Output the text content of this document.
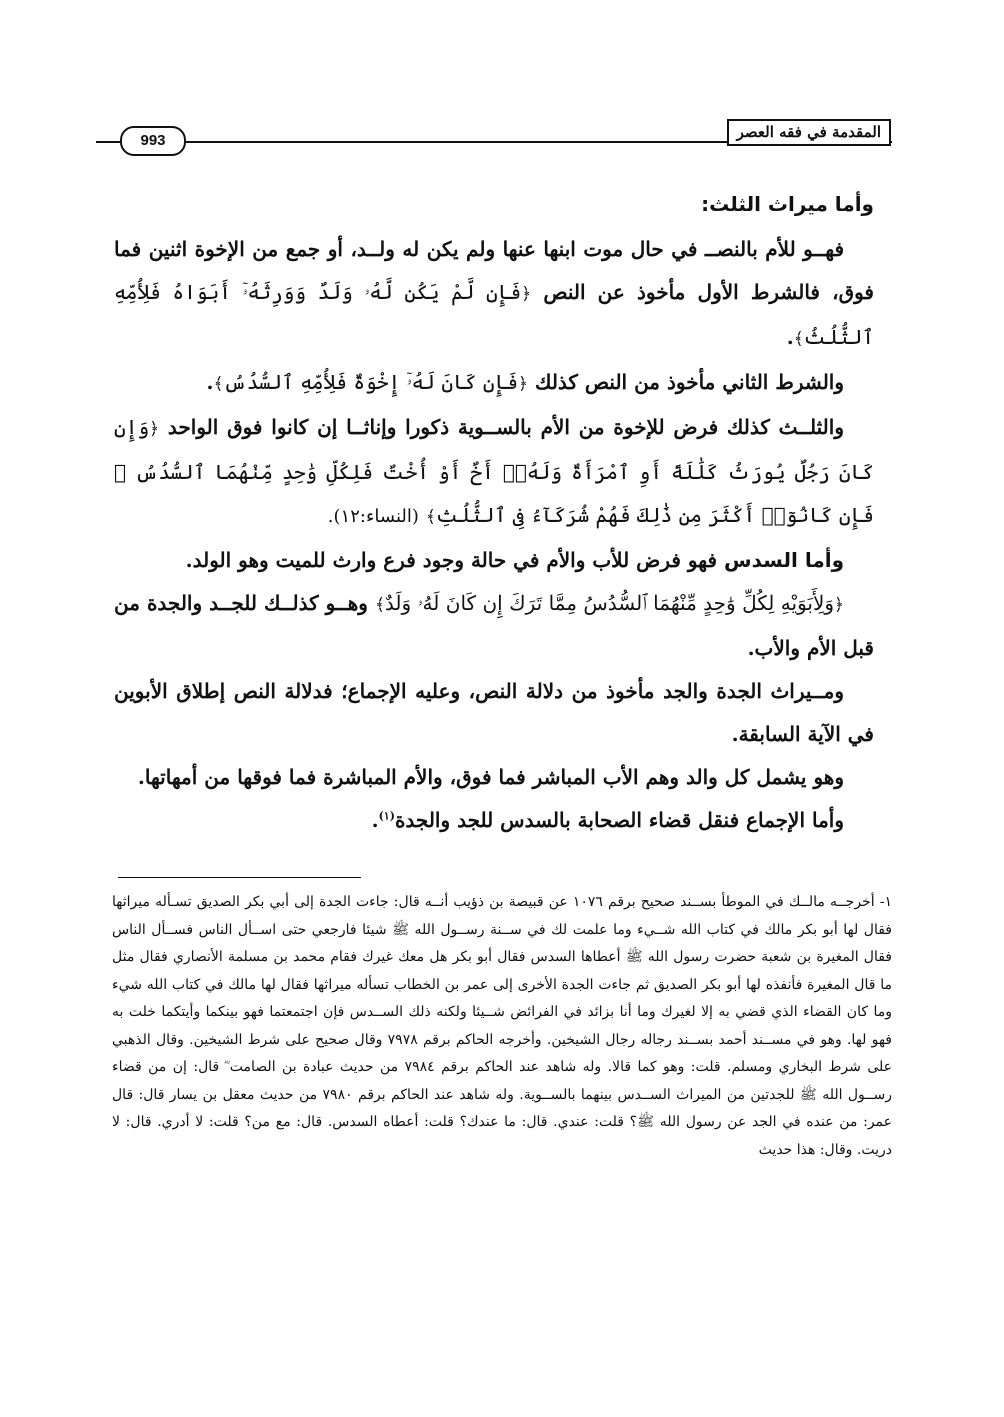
المقدمة في فقه العصر
993
وأما ميراث الثلث:

فهــو للأم بالنصــ في حال موت ابنها عنها ولم يكن له ولــد، أو جمع من الإخوة اثنين فما فوق، فالشرط الأول مأخوذ عن النص ﴿فَإِن لَّمْ يَكُن لَّهُۥ وَلَدٌ وَوَرِثَهُۥٓ أَبَوَاهُ فَلِأُمِّهِ ٱلثُّلُثُ﴾.

والشرط الثاني مأخوذ من النص كذلك ﴿فَإِن كَانَ لَهُۥٓ إِخْوَةٌ فَلِأُمِّهِ ٱلسُّدُسُ﴾.

والثلــث كذلك فرض للإخوة من الأم بالســوية ذكورا وإناثــا إن كانوا فوق الواحد ﴿وَإِن كَانَ رَجُلٌ يُورَثُ كَلَٰلَةً أَوِ ٱمْرَأَةٌ وَلَهُۥٓ أَخٌ أَوْ أُخْتٌ فَلِكُلِّ وَٰحِدٍ مِّنْهُمَا ٱلسُّدُسُ ۚ فَإِن كَانُوٓا۟ أَكْثَرَ مِن ذَٰلِكَ فَهُمْ شُرَكَآءُ فِى ٱلثُّلُثِ﴾ (النساء:١٢).

وأما السدس فهو فرض للأب والأم في حالة وجود فرع وارث للميت وهو الولد.

﴿وَلِأَبَوَيْهِ لِكُلِّ وَٰحِدٍ مِّنْهُمَا ٱلسُّدُسُ مِمَّا تَرَكَ إِن كَانَ لَهُۥ وَلَدٌ﴾ وهــو كذلــك للجــد والجدة من قبل الأم والأب.

ومــيراث الجدة والجد مأخوذ من دلالة النص، وعليه الإجماع؛ فدلالة النص إطلاق الأبوين في الآية السابقة.

وهو يشمل كل والد وهم الأب المباشر فما فوق، والأم المباشرة فما فوقها من أمهاتها.

وأما الإجماع فنقل قضاء الصحابة بالسدس للجد والجدة$^{(١)}$.

١- أخرجــه مالــك في الموطأ بســند صحيح برقم ١٠٧٦ عن قبيصة بن ذؤيب أنــه قال: جاءت الجدة إلى أبي بكر الصديق تسـأله ميراثها فقال لها أبو بكر مالك في كتاب الله شــيء وما علمت لك في ســنة رســول الله ﷺ شيئا فارجعي حتى اســأل الناس فســأل الناس فقال المغيرة بن شعبة حضرت رسول الله ﷺ أعطاها السدس فقال أبو بكر هل معك غيرك فقام محمد بن مسلمة الأنصاري فقال مثل ما قال المغيرة فأنفذه لها أبو بكر الصديق ثم جاءت الجدة الأخرى إلى عمر بن الخطاب تسأله ميراثها فقال لها مالك في كتاب الله شيء وما كان القضاء الذي قضي به إلا لغيرك وما أنا بزائد في الفرائض شــيئا ولكنه ذلك الســدس فإن اجتمعتما فهو بينكما وأيتكما خلت به فهو لها. وهو في مســند أحمد بســند رجاله رجال الشيخين. وأخرجه الحاكم برقم ٧٩٧٨ وقال صحيح على شرط الشيخين. وقال الذهبي على شرط البخاري ومسلم. قلت: وهو كما قالا. وله شاهد عند الحاكم برقم ٧٩٨٤ من حديث عبادة بن الصامت ؓ قال: إن من قضاء رســول الله ﷺ للجدتين من الميراث الســدس بينهما بالســوية. وله شاهد عند الحاكم برقم ٧٩٨٠ من حديث معقل بن يسار قال: قال عمر: من عنده في الجد عن رسول الله ﷺ؟ قلت: عندي. قال: ما عندك؟ قلت: أعطاه السدس. قال: مع من؟ قلت: لا أدري. قال: لا دريت. وقال: هذا حديث
